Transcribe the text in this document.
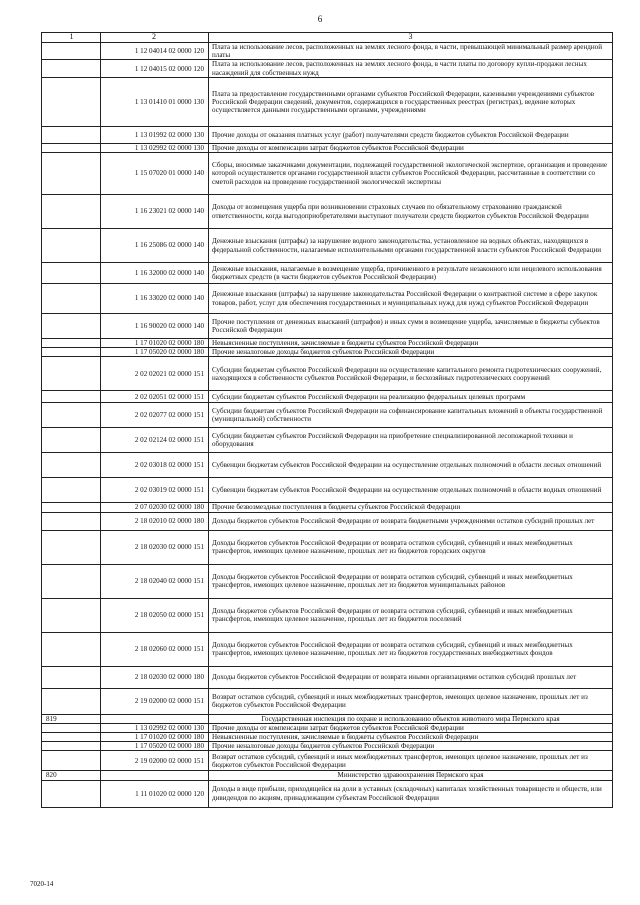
6
1	2	3
	1 12 04014 02 0000 120	Плата за использование лесов, расположенных на землях лесного фонда, в части, превышающей минимальный размер арендной платы
	1 12 04015 02 0000 120	Плата за использование лесов, расположенных на землях лесного фонда, в части платы по договору купли-продажи лесных насаждений для собственных нужд
	1 13 01410 01 0000 130	Плата за предоставление государственными органами субъектов Российской Федерации, казенными учреждениями субъектов Российской Федерации сведений, документов, содержащихся в государственных реестрах (регистрах), ведение которых осуществляется данными государственными органами, учреждениями
	1 13 01992 02 0000 130	Прочие доходы от оказания платных услуг (работ) получателями средств бюджетов субъектов Российской Федерации
	1 13 02992 02 0000 130	Прочие доходы от компенсации затрат бюджетов субъектов Российской Федерации
	1 15 07020 01 0000 140	Сборы, вносимые заказчиками документации, подлежащей государственной экологической экспертизе, организация и проведение которой осуществляется органами государственной власти субъектов Российской Федерации, рассчитанные в соответствии со сметой расходов на проведение государственной экологической экспертизы
	1 16 23021 02 0000 140	Доходы от возмещения ущерба при возникновении страховых случаев по обязательному страхованию гражданской ответственности, когда выгодоприобретателями выступают получатели средств бюджетов субъектов Российской Федерации
	1 16 25086 02 0000 140	Денежные взыскания (штрафы) за нарушение водного законодательства, установленное на водных объектах, находящихся в федеральной собственности, налагаемые исполнительными органами государственной власти субъектов Российской Федерации
	1 16 32000 02 0000 140	Денежные взыскания, налагаемые в возмещение ущерба, причиненного в результате незаконного или нецелевого использования бюджетных средств (в части бюджетов субъектов Российской Федерации)
	1 16 33020 02 0000 140	Денежные взыскания (штрафы) за нарушение законодательства Российской Федерации о контрактной системе в сфере закупок товаров, работ, услуг для обеспечения государственных и муниципальных нужд для нужд субъектов Российской Федерации
	1 16 90020 02 0000 140	Прочие поступления от денежных взысканий (штрафов) и иных сумм в возмещение ущерба, зачисляемые в бюджеты субъектов Российской Федерации
	1 17 01020 02 0000 180	Невыясненные поступления, зачисляемые в бюджеты субъектов Российской Федерации
	1 17 05020 02 0000 180	Прочие неналоговые доходы бюджетов субъектов Российской Федерации
	2 02 02021 02 0000 151	Субсидии бюджетам субъектов Российской Федерации на осуществление капитального ремонта гидротехнических сооружений, находящихся в собственности субъектов Российской Федерации, и бесхозяйных гидротехнических сооружений
	2 02 02051 02 0000 151	Субсидии бюджетам субъектов Российской Федерации на реализацию федеральных целевых программ
	2 02 02077 02 0000 151	Субсидии бюджетам субъектов Российской Федерации на софинансирование капитальных вложений в объекты государственной (муниципальной) собственности
	2 02 02124 02 0000 151	Субсидии бюджетам субъектов Российской Федерации на приобретение специализированной лесопожарной техники и оборудования
	2 02 03018 02 0000 151	Субвенции бюджетам субъектов Российской Федерации на осуществление отдельных полномочий в области лесных отношений
	2 02 03019 02 0000 151	Субвенции бюджетам субъектов Российской Федерации на осуществление отдельных полномочий в области водных отношений
	2 07 02030 02 0000 180	Прочие безвозмездные поступления в бюджеты субъектов Российской Федерации
	2 18 02010 02 0000 180	Доходы бюджетов субъектов Российской Федерации от возврата бюджетными учреждениями остатков субсидий прошлых лет
	2 18 02030 02 0000 151	Доходы бюджетов субъектов Российской Федерации от возврата остатков субсидий, субвенций и иных межбюджетных трансфертов, имеющих целевое назначение, прошлых лет из бюджетов городских округов
	2 18 02040 02 0000 151	Доходы бюджетов субъектов Российской Федерации от возврата остатков субсидий, субвенций и иных межбюджетных трансфертов, имеющих целевое назначение, прошлых лет из бюджетов муниципальных районов
	2 18 02050 02 0000 151	Доходы бюджетов субъектов Российской Федерации от возврата остатков субсидий, субвенций и иных межбюджетных трансфертов, имеющих целевое назначение, прошлых лет из бюджетов поселений
	2 18 02060 02 0000 151	Доходы бюджетов субъектов Российской Федерации от возврата остатков субсидий, субвенций и иных межбюджетных трансфертов, имеющих целевое назначение, прошлых лет из бюджетов государственных внебюджетных фондов
	2 18 02030 02 0000 180	Доходы бюджетов субъектов Российской Федерации от возврата иными организациями остатков субсидий прошлых лет
	2 19 02000 02 0000 151	Возврат остатков субсидий, субвенций и иных межбюджетных трансфертов, имеющих целевое назначение, прошлых лет из бюджетов субъектов Российской Федерации
819		Государственная инспекция по охране и использованию объектов животного мира Пермского края
	1 13 02992 02 0000 130	Прочие доходы от компенсации затрат бюджетов субъектов Российской Федерации
	1 17 01020 02 0000 180	Невыясненные поступления, зачисляемые в бюджеты субъектов Российской Федерации
	1 17 05020 02 0000 180	Прочие неналоговые доходы бюджетов субъектов Российской Федерации
	2 19 02000 02 0000 151	Возврат остатков субсидий, субвенций и иных межбюджетных трансфертов, имеющих целевое назначение, прошлых лет из бюджетов субъектов Российской Федерации
820		Министерство здравоохранения Пермского края
	1 11 01020 02 0000 120	Доходы в виде прибыли, приходящейся на доли в уставных (складочных) капиталах хозяйственных товариществ и обществ, или дивидендов по акциям, принадлежащим субъектам Российской Федерации
7020-14
